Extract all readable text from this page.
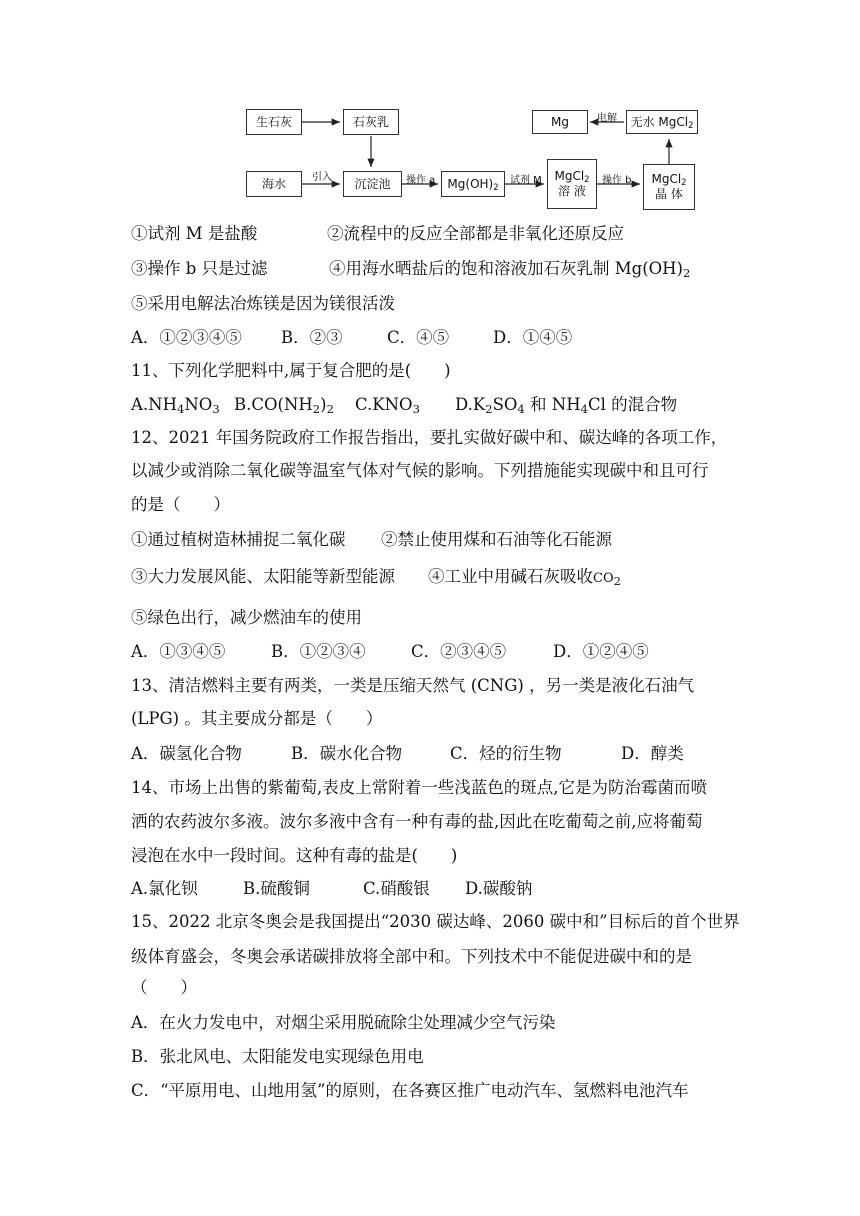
生石灰	石灰乳
海水	沉淀池	$Mg(OH)_2$
MgCl$_2$
溶 液
MgCl$_2$
晶 体
Mg	无水 MgCl$_2$
引入	操作 a	试剂 M	操作 b
电解
①试剂 M 是盐酸	②流程中的反应全部都是非氧化还原反应
③操作 b 只是过滤	④用海水晒盐后的饱和溶液加石灰乳制 $Mg(OH)_2$
⑤采用电解法冶炼镁是因为镁很活泼
A．①②③④⑤ B．②③	C．④⑤	D．①④⑤
11、下列化学肥料中,属于复合肥的是(　　)
$A.NH_4NO_3$ $B.CO(NH_2)_2$ $C.KNO_3$ $D.K_2SO_4$ 和 $NH_4Cl$ 的混合物
12、2021 年国务院政府工作报告指出，要扎实做好碳中和、碳达峰的各项工作，
以减少或消除二氧化碳等温室气体对气候的影响。下列措施能实现碳中和且可行
的是（　　）
①通过植树造林捕捉二氧化碳 ②禁止使用煤和石油等化石能源
③大力发展风能、太阳能等新型能源 ④工业中用碱石灰吸收$CO_2$
⑤绿色出行，减少燃油车的使用
A．①③④⑤	B．①②③④	C．②③④⑤	D．①②④⑤
13、清洁燃料主要有两类，一类是压缩天然气 (CNG) ，另一类是液化石油气
(LPG) 。其主要成分都是（　　）
A．碳氢化合物	B．碳水化合物	C．烃的衍生物	D．醇类
14、市场上出售的紫葡萄,表皮上常附着一些浅蓝色的斑点,它是为防治霉菌而喷
洒的农药波尔多液。波尔多液中含有一种有毒的盐,因此在吃葡萄之前,应将葡萄
浸泡在水中一段时间。这种有毒的盐是(　　)
A.氯化钡	B.硫酸铜	C.硝酸银 D.碳酸钠
15、2022 北京冬奥会是我国提出“2030 碳达峰、2060 碳中和”目标后的首个世界
级体育盛会，冬奥会承诺碳排放将全部中和。下列技术中不能促进碳中和的是
（　　）
A．在火力发电中，对烟尘采用脱硫除尘处理减少空气污染
B．张北风电、太阳能发电实现绿色用电
C．“平原用电、山地用氢”的原则，在各赛区推广电动汽车、氢燃料电池汽车
